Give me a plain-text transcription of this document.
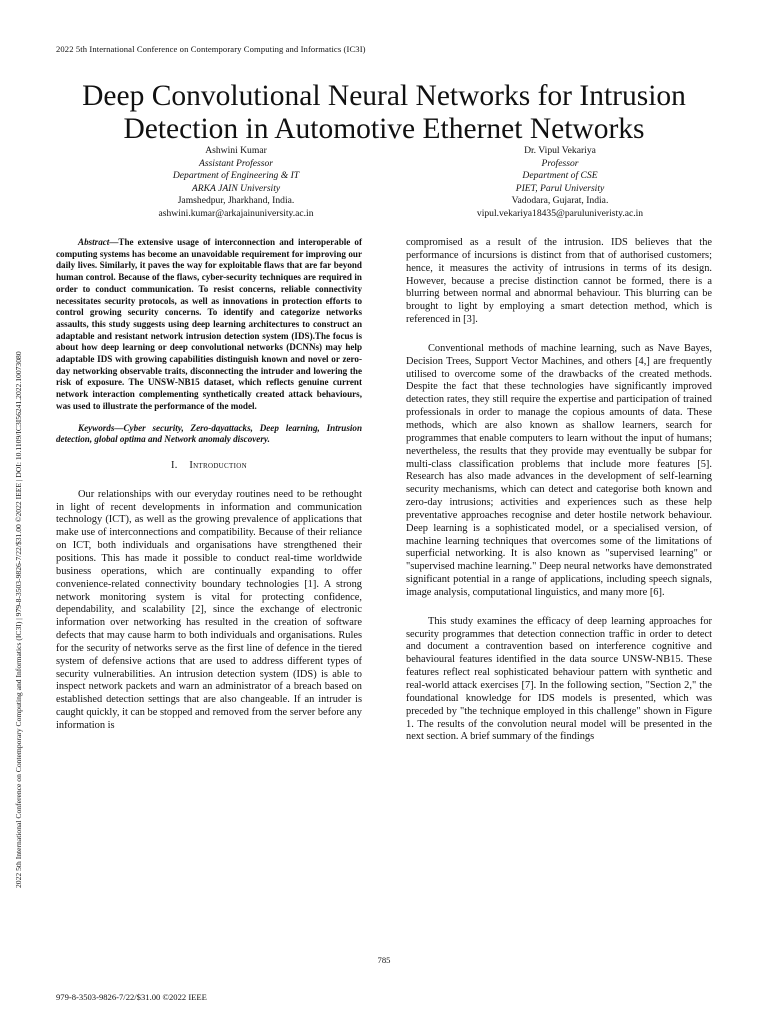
2022 5th International Conference on Contemporary Computing and Informatics (IC3I)
Deep Convolutional Neural Networks for Intrusion
Detection in Automotive Ethernet Networks
2022 5th International Conference on Contemporary Computing and Informatics (IC3I) | 979-8-3503-9826-7/22/$31.00 ©2022 IEEE | DOI: 10.1109/IC3I56241.2022.10073080
Ashwini Kumar
Assistant Professor
Department of Engineering & IT
ARKA JAIN University
Jamshedpur, Jharkhand, India.
ashwini.kumar@arkajainuniversity.ac.in
Dr. Vipul Vekariya
Professor
Department of CSE
PIET, Parul University
Vadodara, Gujarat, India.
vipul.vekariya18435@paruluniveristy.ac.in

Abstract—The extensive usage of interconnection and interoperable of computing systems has become an unavoidable requirement for improving our daily lives. Similarly, it paves the way for exploitable flaws that are far beyond human control. Because of the flaws, cyber-security techniques are required in order to conduct communication. To resist concerns, reliable connectivity necessitates security protocols, as well as innovations in protection efforts to control growing security concerns. To identify and categorize networks assaults, this study suggests using deep learning architectures to construct an adaptable and resistant network intrusion detection system (IDS).The focus is about how deep learning or deep convolutional networks (DCNNs) may help adaptable IDS with growing capabilities distinguish known and novel or zero-day networking observable traits, disconnecting the intruder and lowering the risk of exposure. The UNSW-NB15 dataset, which reflects genuine current network interaction complementing synthetically created attack behaviours, was used to illustrate the performance of the model.

Keywords—Cyber security, Zero-dayattacks, Deep learning, Intrusion detection, global optima and Network anomaly discovery.

I. Introduction

Our relationships with our everyday routines need to be rethought in light of recent developments in information and communication technology (ICT), as well as the growing prevalence of applications that make use of interconnections and compatibility. Because of their reliance on ICT, both individuals and organisations have strengthened their positions. This has made it possible to conduct real-time worldwide business operations, which are continually expanding to offer convenience-related connectivity boundary technologies [1]. A strong network monitoring system is vital for protecting confidence, dependability, and scalability [2], since the exchange of electronic information over networking has resulted in the creation of software defects that may cause harm to both individuals and organisations. Rules for the security of networks serve as the first line of defence in the tiered system of defensive actions that are used to address different types of security vulnerabilities. An intrusion detection system (IDS) is able to inspect network packets and warn an administrator of a breach based on established detection settings that are also changeable. If an intruder is caught quickly, it can be stopped and removed from the server before any information is

compromised as a result of the intrusion. IDS believes that the performance of incursions is distinct from that of authorised customers; hence, it measures the activity of intrusions in terms of its design. However, because a precise distinction cannot be formed, there is a blurring between normal and abnormal behaviour. This blurring can be brought to light by employing a smart detection method, which is referenced in [3].

Conventional methods of machine learning, such as Nave Bayes, Decision Trees, Support Vector Machines, and others [4,] are frequently utilised to overcome some of the drawbacks of the created methods. Despite the fact that these technologies have significantly improved detection rates, they still require the expertise and participation of trained professionals in order to manage the copious amounts of data. These methods, which are also known as shallow learners, search for programmes that enable computers to learn without the input of humans; nevertheless, the results that they provide may eventually be subpar for multi-class classification problems that include more features [5]. Research has also made advances in the development of self-learning security mechanisms, which can detect and categorise both known and zero-day intrusions; activities and experiences such as these help preventative approaches recognise and deter hostile network behaviour. Deep learning is a sophisticated model, or a specialised version, of machine learning techniques that overcomes some of the limitations of superficial networking. It is also known as "supervised learning" or "supervised machine learning." Deep neural networks have demonstrated significant potential in a range of applications, including speech signals, image analysis, computational linguistics, and many more [6].

This study examines the efficacy of deep learning approaches for security programmes that detection connection traffic in order to detect and document a contravention based on interference cognitive and behavioural features identified in the data source UNSW-NB15. These features reflect real sophisticated behaviour pattern with synthetic and real-world attack exercises [7]. In the following section, "Section 2," the foundational knowledge for IDS models is presented, which was preceded by "the technique employed in this challenge" shown in Figure 1. The results of the convolution neural model will be presented in the next section. A brief summary of the findings

785
979-8-3503-9826-7/22/$31.00 ©2022 IEEE
